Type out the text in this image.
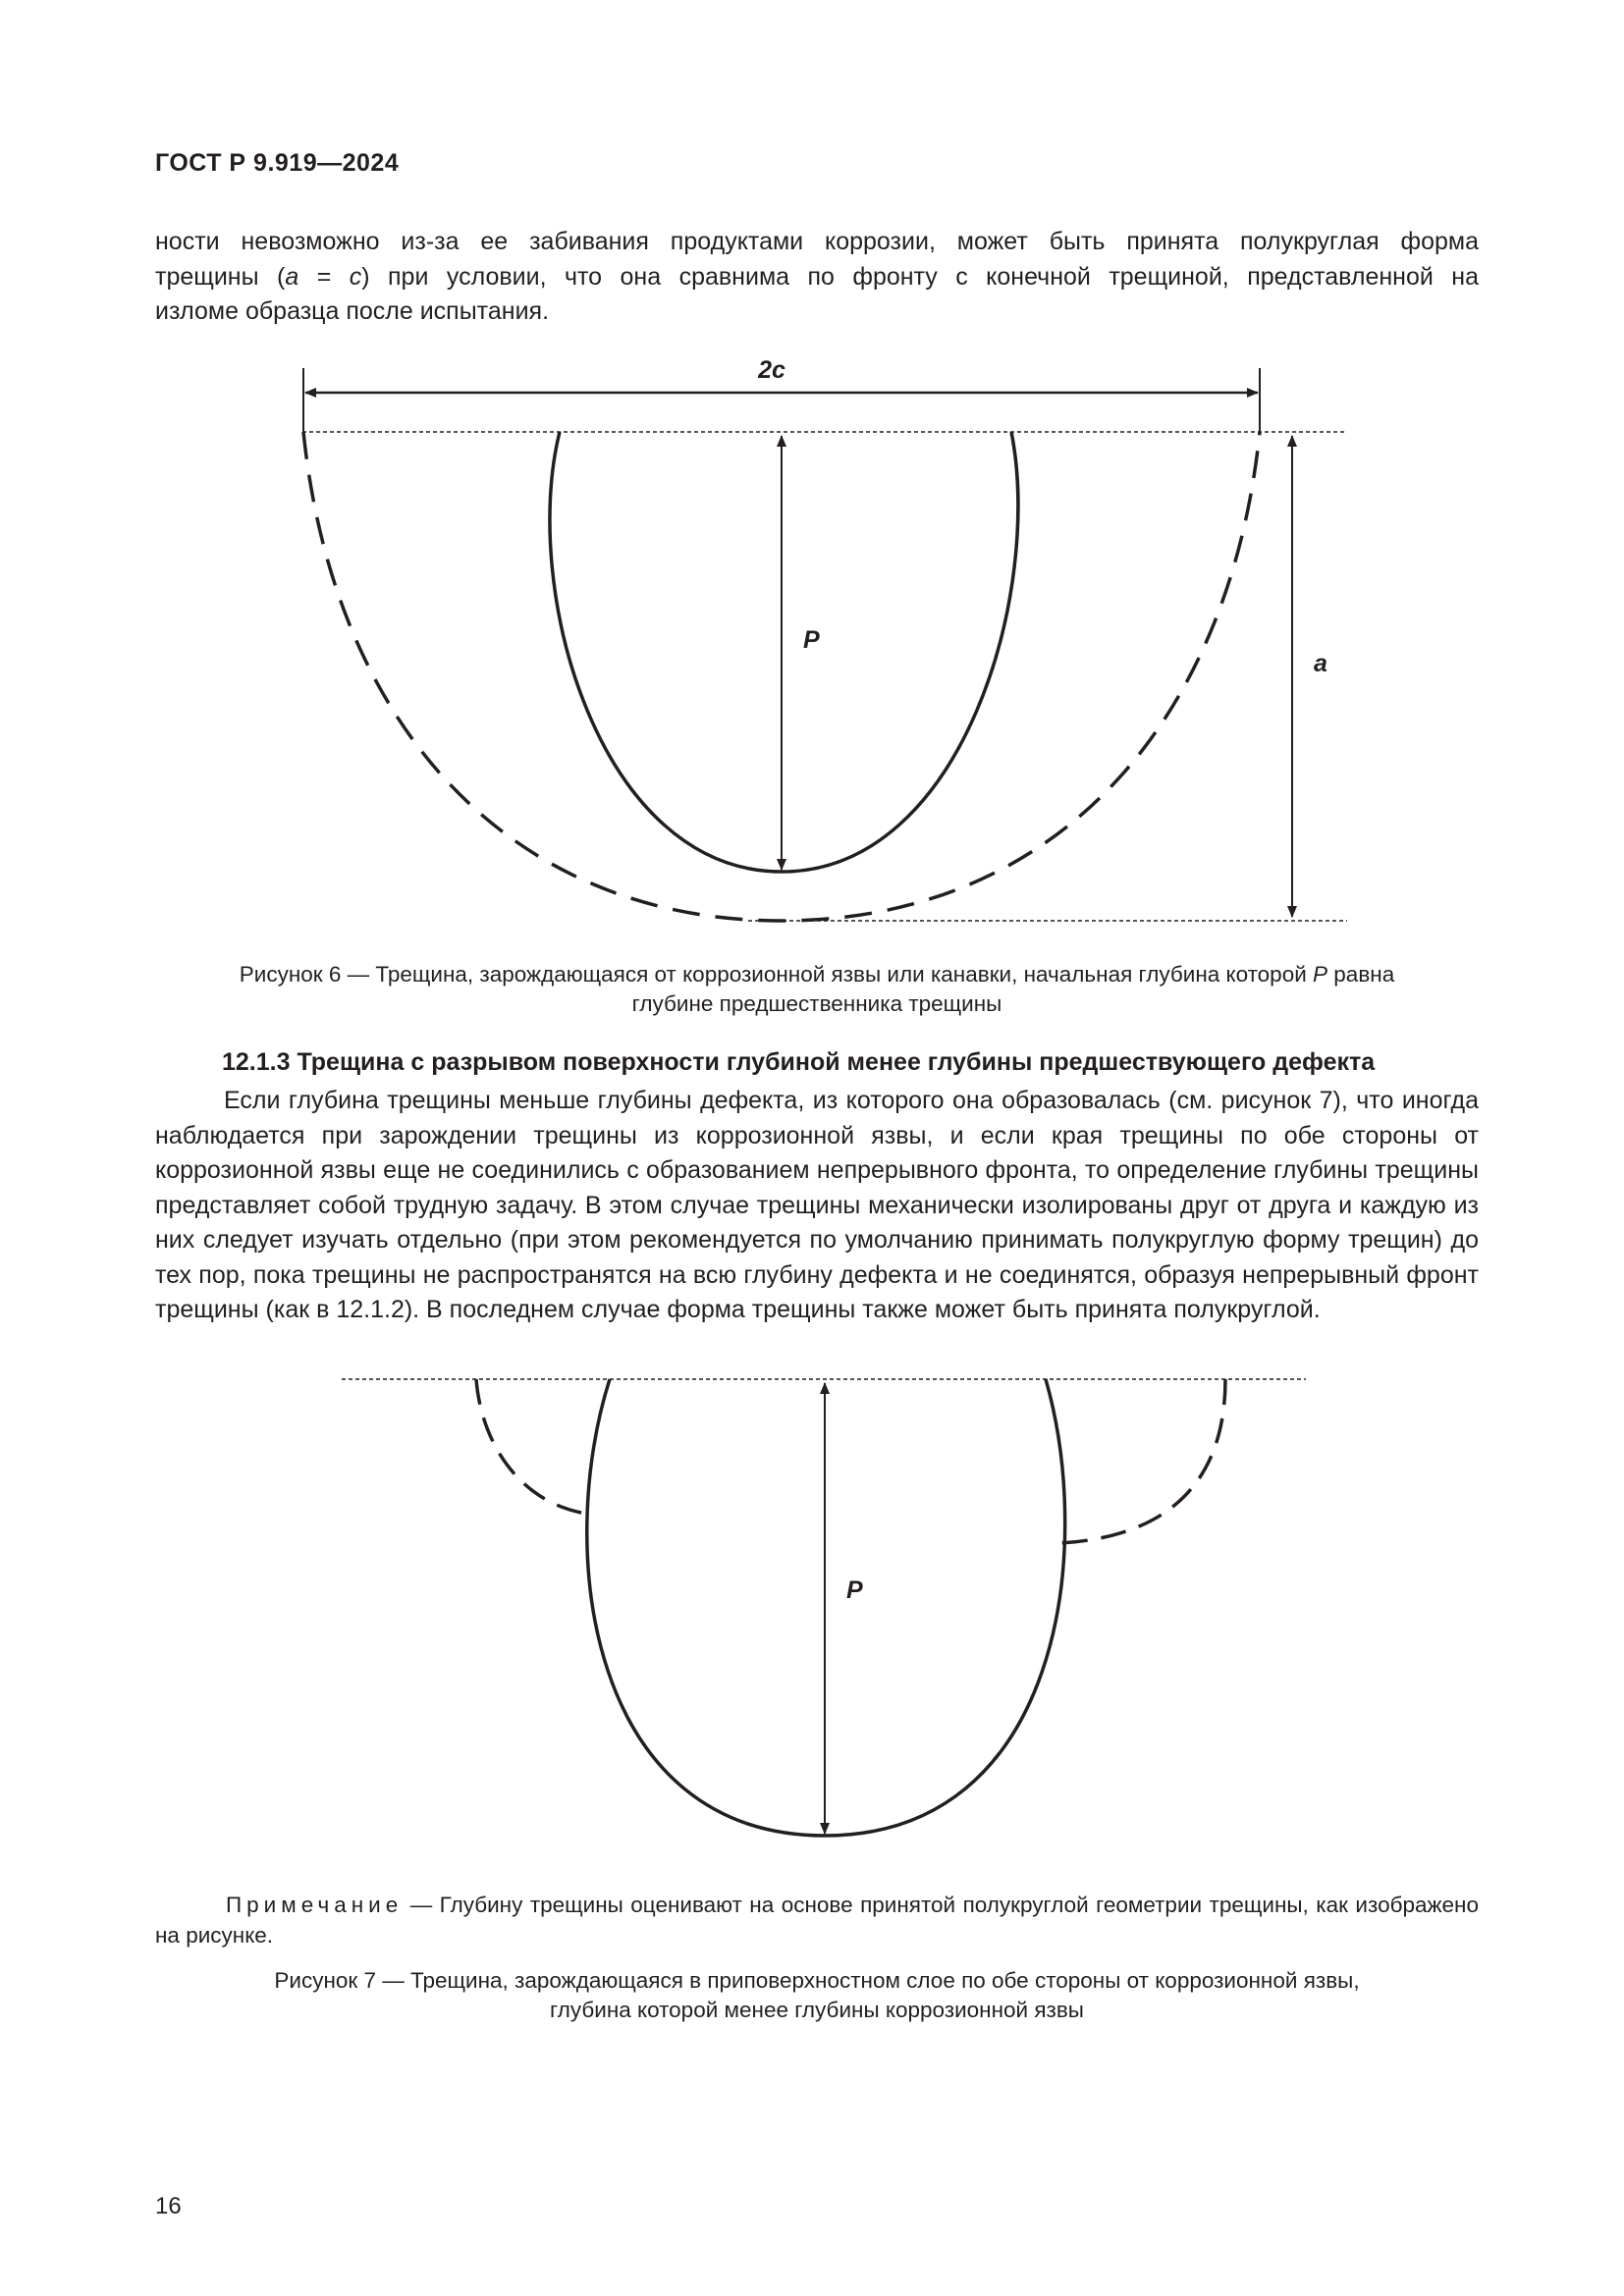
ГОСТ Р 9.919—2024

ности невозможно из-за ее забивания продуктами коррозии, может быть принята полукруглая форма

трещины (a = c) при условии, что она сравнима по фронту с конечной трещиной, представленной на

изломе образца после испытания.

2c
P
a
Рисунок 6 — Трещина, зарождающаяся от коррозионной язвы или канавки, начальная глубина которой P равна
глубине предшественника трещины
12.1.3 Трещина с разрывом поверхности глубиной менее глубины предшествующего дефекта

Если глубина трещины меньше глубины дефекта, из которого она образовалась (см. рисунок 7), что иногда наблюдается при зарождении трещины из коррозионной язвы, и если края трещины по обе стороны от коррозионной язвы еще не соединились с образованием непрерывного фронта, то определение глубины трещины представляет собой трудную задачу. В этом случае трещины механически изолированы друг от друга и каждую из них следует изучать отдельно (при этом рекомендуется по умолчанию принимать полукруглую форму трещин) до тех пор, пока трещины не распространятся на всю глубину дефекта и не соединятся, образуя непрерывный фронт трещины (как в 12.1.2). В последнем случае форма трещины также может быть принята полукруглой.

P
Примечание — Глубину трещины оценивают на основе принятой полукруглой геометрии трещины, как изображено на рисунке.
Рисунок 7 — Трещина, зарождающаяся в приповерхностном слое по обе стороны от коррозионной язвы,
глубина которой менее глубины коррозионной язвы
16
